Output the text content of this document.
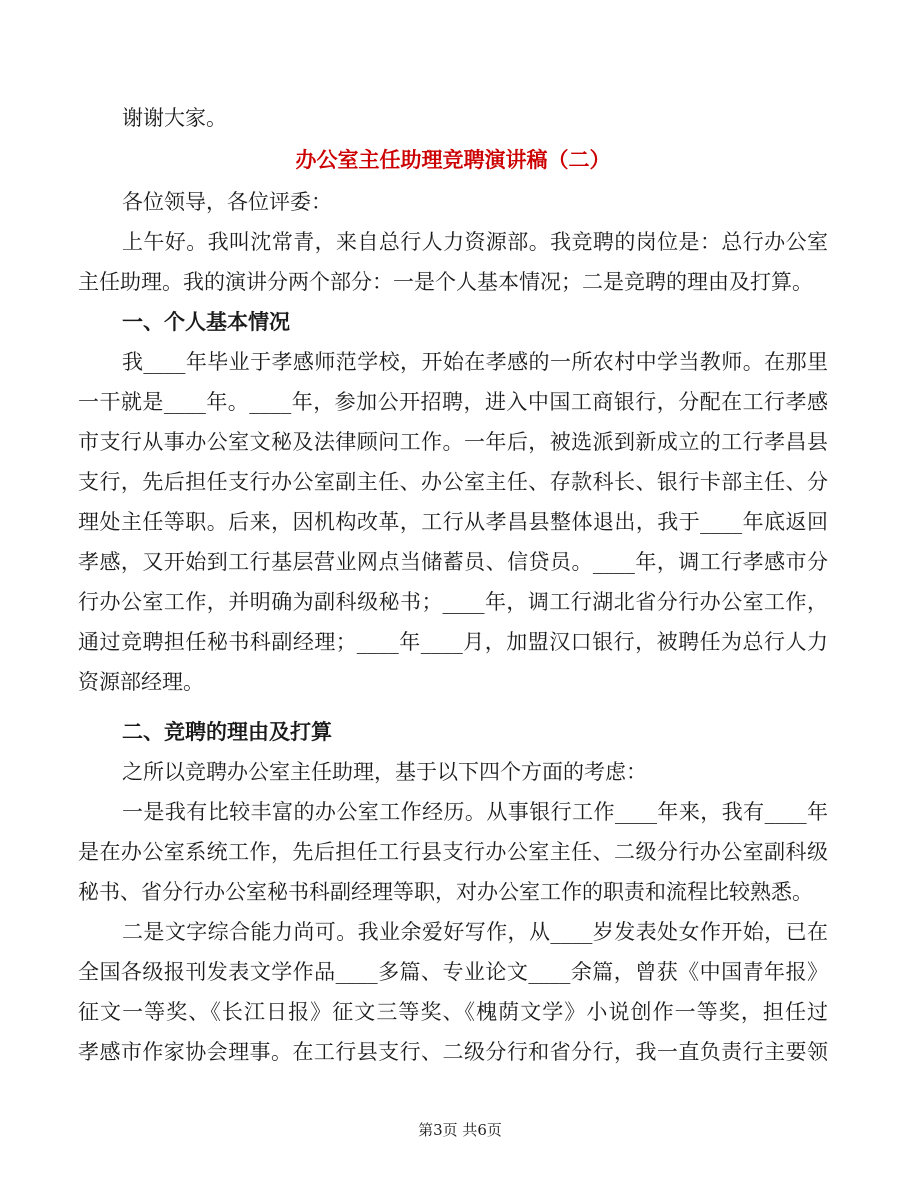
谢谢大家。

办公室主任助理竞聘演讲稿（二）

各位领导，各位评委：

上午好。我叫沈常青，来自总行人力资源部。我竞聘的岗位是：总行办公室

主任助理。我的演讲分两个部分：一是个人基本情况；二是竞聘的理由及打算。

一、个人基本情况

我____年毕业于孝感师范学校，开始在孝感的一所农村中学当教师。在那里

一干就是____年。____年，参加公开招聘，进入中国工商银行，分配在工行孝感

市支行从事办公室文秘及法律顾问工作。一年后，被选派到新成立的工行孝昌县

支行，先后担任支行办公室副主任、办公室主任、存款科长、银行卡部主任、分

理处主任等职。后来，因机构改革，工行从孝昌县整体退出，我于____年底返回

孝感，又开始到工行基层营业网点当储蓄员、信贷员。____年，调工行孝感市分

行办公室工作，并明确为副科级秘书；____年，调工行湖北省分行办公室工作，

通过竞聘担任秘书科副经理；____年____月，加盟汉口银行，被聘任为总行人力

资源部经理。

二、竞聘的理由及打算

之所以竞聘办公室主任助理，基于以下四个方面的考虑：

一是我有比较丰富的办公室工作经历。从事银行工作____年来，我有____年

是在办公室系统工作，先后担任工行县支行办公室主任、二级分行办公室副科级

秘书、省分行办公室秘书科副经理等职，对办公室工作的职责和流程比较熟悉。

二是文字综合能力尚可。我业余爱好写作，从____岁发表处女作开始，已在

全国各级报刊发表文学作品____多篇、专业论文____余篇，曾获《中国青年报》

征文一等奖、《长江日报》征文三等奖、《槐荫文学》小说创作一等奖，担任过

孝感市作家协会理事。在工行县支行、二级分行和省分行，我一直负责行主要领

第3页 共6页
